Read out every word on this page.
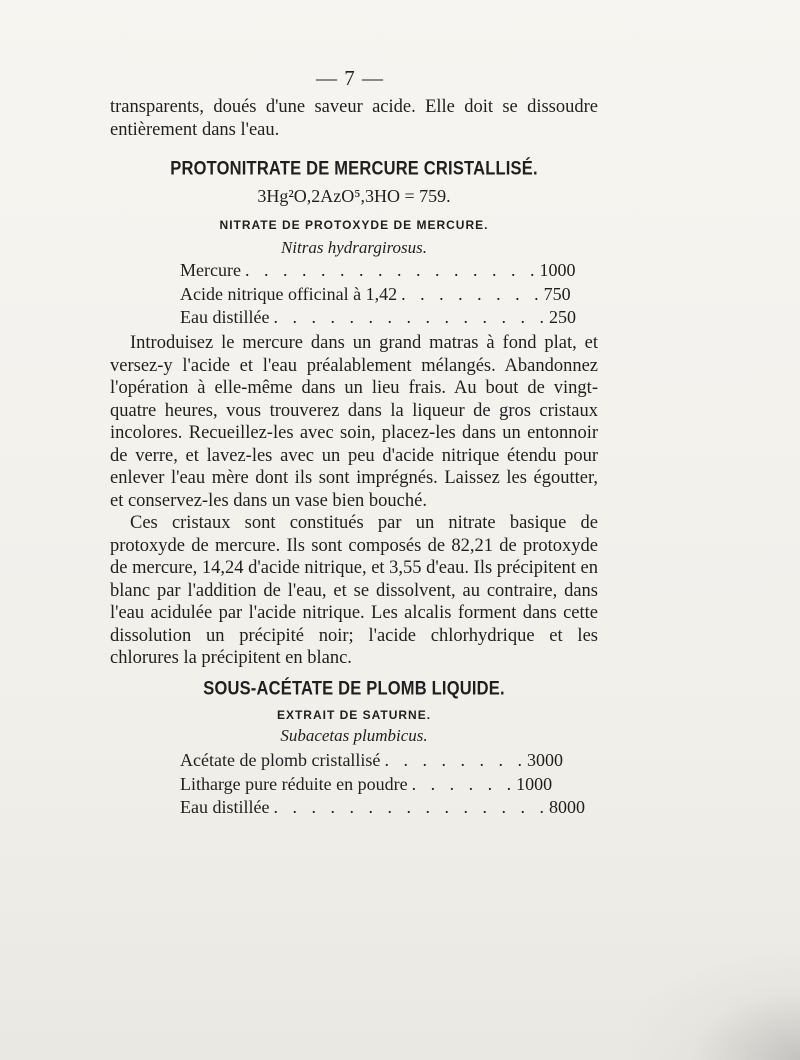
— 7 —

transparents, doués d'une saveur acide. Elle doit se dissoudre entièrement dans l'eau.

PROTONITRATE DE MERCURE CRISTALLISÉ.
3Hg²O,2AzO⁵,3HO = 759.
NITRATE DE PROTOXYDE DE MERCURE.
Nitras hydrargirosus.
Mercure . . . . . . . . . . . . . . . . 1000
Acide nitrique officinal à 1,42 . . . . . . . . 750
Eau distillée . . . . . . . . . . . . . . . 250

Introduisez le mercure dans un grand matras à fond plat, et versez-y l'acide et l'eau préalablement mélangés. Abandonnez l'opération à elle-même dans un lieu frais. Au bout de vingt-quatre heures, vous trouverez dans la liqueur de gros cristaux incolores. Recueillez-les avec soin, placez-les dans un entonnoir de verre, et lavez-les avec un peu d'acide nitrique étendu pour enlever l'eau mère dont ils sont imprégnés. Laissez les égoutter, et conservez-les dans un vase bien bouché.

Ces cristaux sont constitués par un nitrate basique de protoxyde de mercure. Ils sont composés de 82,21 de protoxyde de mercure, 14,24 d'acide nitrique, et 3,55 d'eau. Ils précipitent en blanc par l'addition de l'eau, et se dissolvent, au contraire, dans l'eau acidulée par l'acide nitrique. Les alcalis forment dans cette dissolution un précipité noir; l'acide chlorhydrique et les chlorures la précipitent en blanc.

SOUS-ACÉTATE DE PLOMB LIQUIDE.
EXTRAIT DE SATURNE.
Subacetas plumbicus.
Acétate de plomb cristallisé . . . . . . . . 3000
Litharge pure réduite en poudre . . . . . . 1000
Eau distillée . . . . . . . . . . . . . . . 8000
